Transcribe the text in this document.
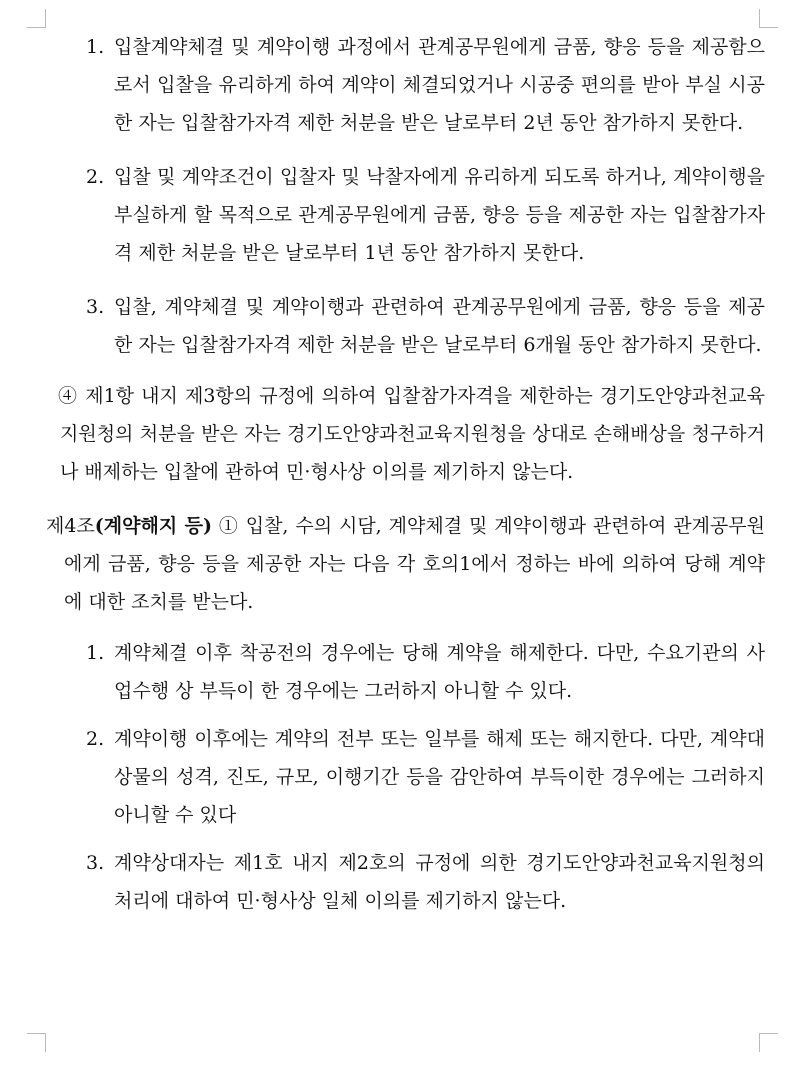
1. 입찰계약체결 및 계약이행 과정에서 관계공무원에게 금품, 향응 등을 제공함으로서 입찰을 유리하게 하여 계약이 체결되었거나 시공중 편의를 받아 부실 시공한 자는 입찰참가자격 제한 처분을 받은 날로부터 2년 동안 참가하지 못한다.

2. 입찰 및 계약조건이 입찰자 및 낙찰자에게 유리하게 되도록 하거나, 계약이행을 부실하게 할 목적으로 관계공무원에게 금품, 향응 등을 제공한 자는 입찰참가자격 제한 처분을 받은 날로부터 1년 동안 참가하지 못한다.

3. 입찰, 계약체결 및 계약이행과 관련하여 관계공무원에게 금품, 향응 등을 제공한 자는 입찰참가자격 제한 처분을 받은 날로부터 6개월 동안 참가하지 못한다.

④ 제1항 내지 제3항의 규정에 의하여 입찰참가자격을 제한하는 경기도안양과천교육지원청의 처분을 받은 자는 경기도안양과천교육지원청을 상대로 손해배상을 청구하거나 배제하는 입찰에 관하여 민·형사상 이의를 제기하지 않는다.

제4조(계약해지 등) ① 입찰, 수의 시담, 계약체결 및 계약이행과 관련하여 관계공무원에게 금품, 향응 등을 제공한 자는 다음 각 호의1에서 정하는 바에 의하여 당해 계약에 대한 조치를 받는다.

1. 계약체결 이후 착공전의 경우에는 당해 계약을 해제한다. 다만, 수요기관의 사업수행 상 부득이 한 경우에는 그러하지 아니할 수 있다.

2. 계약이행 이후에는 계약의 전부 또는 일부를 해제 또는 해지한다. 다만, 계약대상물의 성격, 진도, 규모, 이행기간 등을 감안하여 부득이한 경우에는 그러하지 아니할 수 있다

3. 계약상대자는 제1호 내지 제2호의 규정에 의한 경기도안양과천교육지원청의 처리에 대하여 민·형사상 일체 이의를 제기하지 않는다.
